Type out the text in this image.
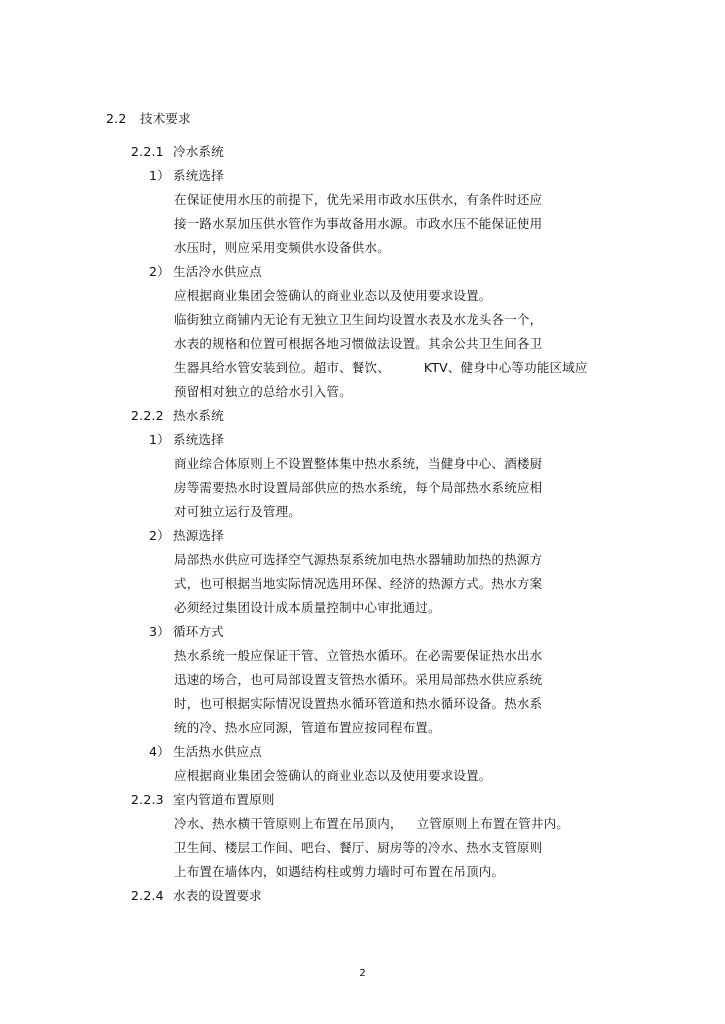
2.2 技术要求
2.2.1 冷水系统
1） 系统选择
在保证使用水压的前提下，优先采用市政水压供水，有条件时还应
接一路水泵加压供水管作为事故备用水源。市政水压不能保证使用
水压时，则应采用变频供水设备供水。
2） 生活冷水供应点
应根据商业集团会签确认的商业业态以及使用要求设置。
临街独立商铺内无论有无独立卫生间均设置水表及水龙头各一个，
水表的规格和位置可根据各地习惯做法设置。其余公共卫生间各卫
生器具给水管安装到位。超市、餐饮、	KTV、健身中心等功能区域应
预留相对独立的总给水引入管。
2.2.2 热水系统
1） 系统选择
商业综合体原则上不设置整体集中热水系统，当健身中心、酒楼厨
房等需要热水时设置局部供应的热水系统，每个局部热水系统应相
对可独立运行及管理。
2） 热源选择
局部热水供应可选择空气源热泵系统加电热水器辅助加热的热源方
式，也可根据当地实际情况选用环保、经济的热源方式。热水方案
必须经过集团设计成本质量控制中心审批通过。
3） 循环方式
热水系统一般应保证干管、立管热水循环。在必需要保证热水出水
迅速的场合，也可局部设置支管热水循环。采用局部热水供应系统
时，也可根据实际情况设置热水循环管道和热水循环设备。热水系
统的冷、热水应同源，管道布置应按同程布置。
4） 生活热水供应点
应根据商业集团会签确认的商业业态以及使用要求设置。
2.2.3 室内管道布置原则
冷水、热水横干管原则上布置在吊顶内， 立管原则上布置在管井内。
卫生间、楼层工作间、吧台、餐厅、厨房等的冷水、热水支管原则
上布置在墙体内，如遇结构柱或剪力墙时可布置在吊顶内。
2.2.4 水表的设置要求
2
